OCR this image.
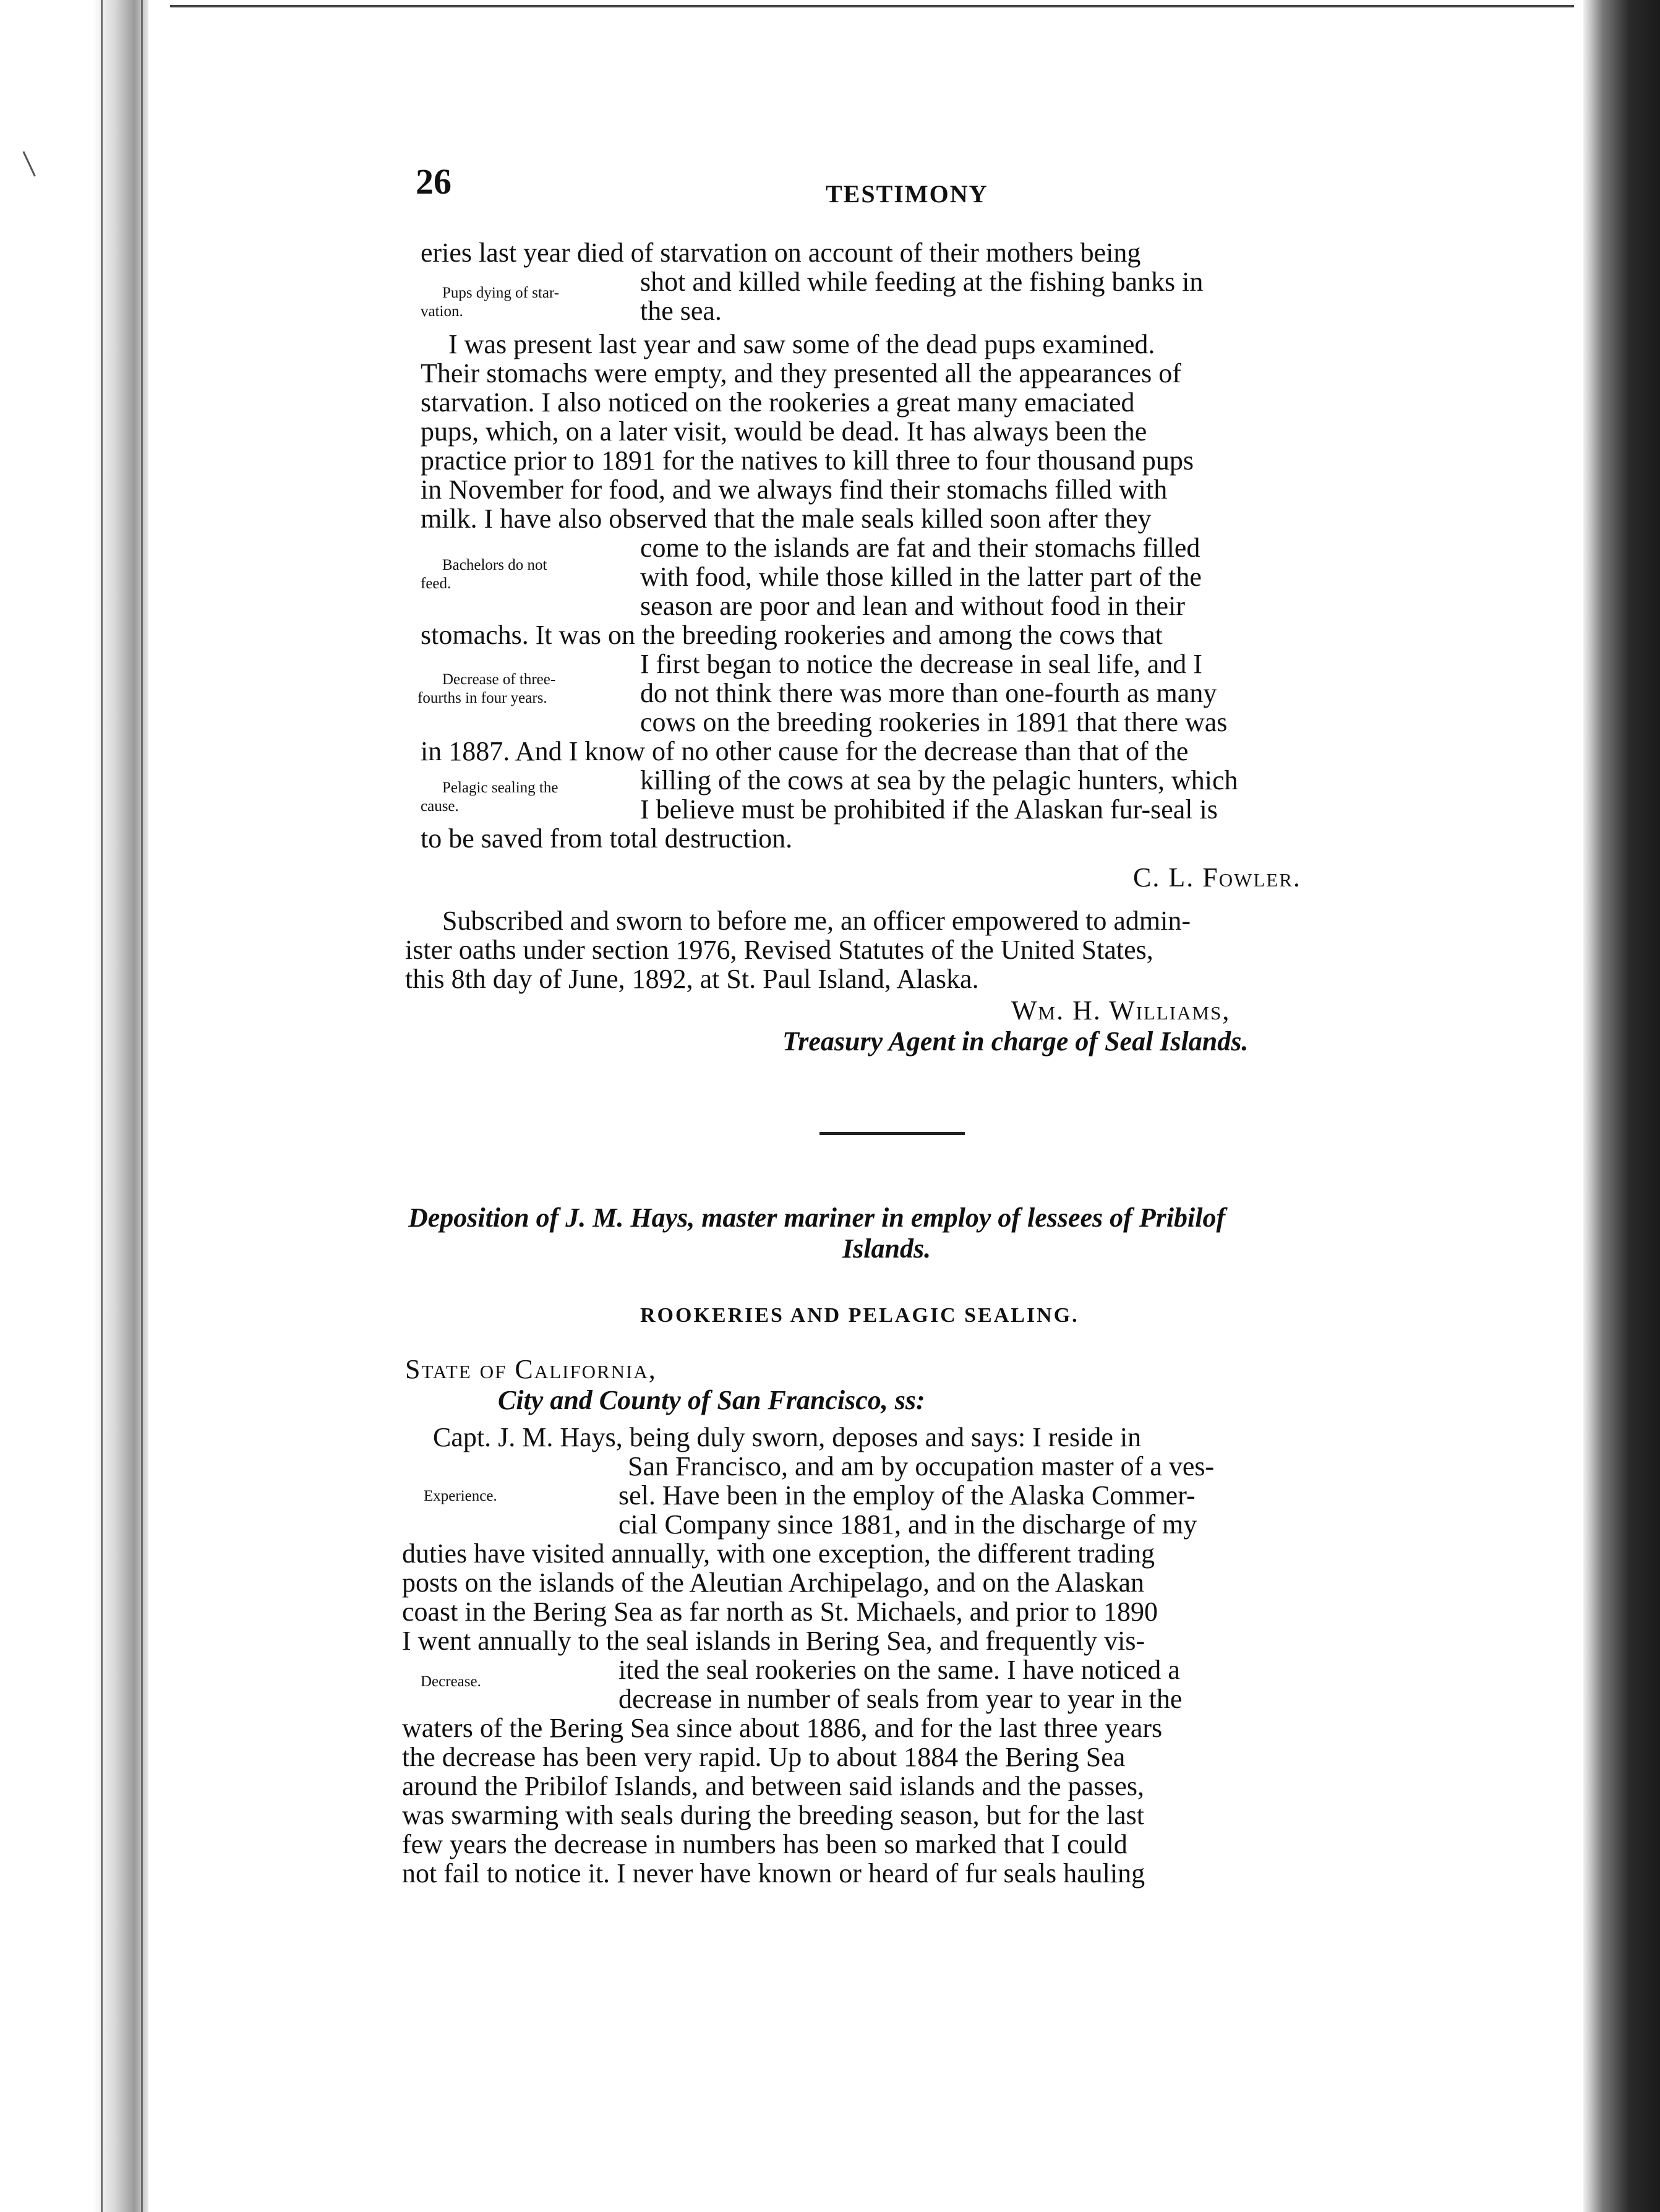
26	TESTIMONY
eries last year died of starvation on account of their mothers being
Pups dying of star-
vation.
shot and killed while feeding at the fishing banks in
the sea.
I was present last year and saw some of the dead pups examined.
Their stomachs were empty, and they presented all the appearances of
starvation. I also noticed on the rookeries a great many emaciated
pups, which, on a later visit, would be dead. It has always been the
practice prior to 1891 for the natives to kill three to four thousand pups
in November for food, and we always find their stomachs filled with
milk. I have also observed that the male seals killed soon after they
come to the islands are fat and their stomachs filled
Bachelors do not
feed.	with food, while those killed in the latter part of the
season are poor and lean and without food in their
stomachs. It was on the breeding rookeries and among the cows that
I first began to notice the decrease in seal life, and I
Decrease of three-
fourths in four years.	do not think there was more than one-fourth as many
cows on the breeding rookeries in 1891 that there was
in 1887. And I know of no other cause for the decrease than that of the
Pelagic sealing the
cause.
killing of the cows at sea by the pelagic hunters, which
I believe must be prohibited if the Alaskan fur-seal is
to be saved from total destruction.
C. L. Fowler.
Subscribed and sworn to before me, an officer empowered to admin-
ister oaths under section 1976, Revised Statutes of the United States,
this 8th day of June, 1892, at St. Paul Island, Alaska.
Wm. H. Williams,
Treasury Agent in charge of Seal Islands.
Deposition of J. M. Hays, master mariner in employ of lessees of Pribilof
Islands.
ROOKERIES AND PELAGIC SEALING.
State of California,
City and County of San Francisco, ss:
Capt. J. M. Hays, being duly sworn, deposes and says: I reside in
San Francisco, and am by occupation master of a ves-
Experience.	sel. Have been in the employ of the Alaska Commer-
cial Company since 1881, and in the discharge of my
duties have visited annually, with one exception, the different trading
posts on the islands of the Aleutian Archipelago, and on the Alaskan
coast in the Bering Sea as far north as St. Michaels, and prior to 1890
I went annually to the seal islands in Bering Sea, and frequently vis-
Decrease.	ited the seal rookeries on the same. I have noticed a
decrease in number of seals from year to year in the
waters of the Bering Sea since about 1886, and for the last three years
the decrease has been very rapid. Up to about 1884 the Bering Sea
around the Pribilof Islands, and between said islands and the passes,
was swarming with seals during the breeding season, but for the last
few years the decrease in numbers has been so marked that I could
not fail to notice it. I never have known or heard of fur seals hauling
